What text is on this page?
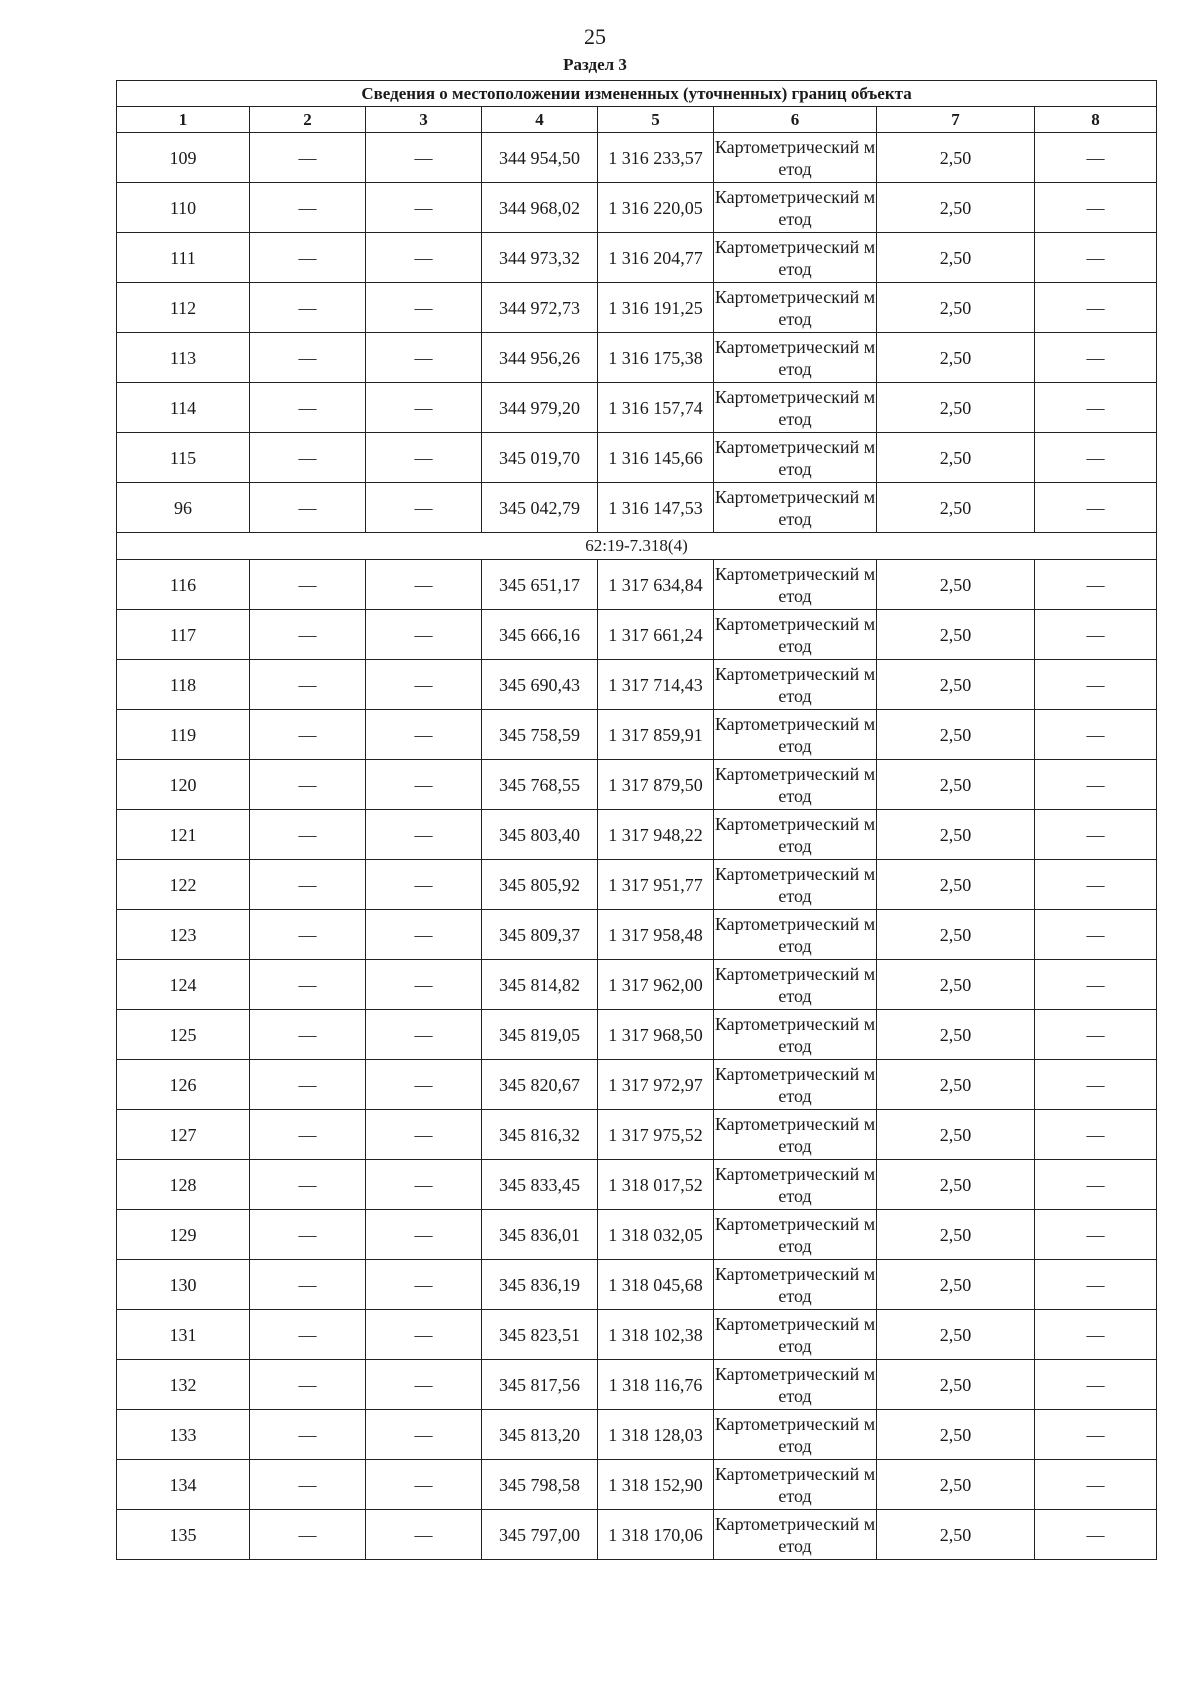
25
Раздел 3
Сведения о местоположении измененных (уточненных) границ объекта							
1	2	3	4	5	6	7	8
109	—	—	344 954,50	1 316 233,57	Картометрический метод	2,50	—
110	—	—	344 968,02	1 316 220,05	Картометрический метод	2,50	—
111	—	—	344 973,32	1 316 204,77	Картометрический метод	2,50	—
112	—	—	344 972,73	1 316 191,25	Картометрический метод	2,50	—
113	—	—	344 956,26	1 316 175,38	Картометрический метод	2,50	—
114	—	—	344 979,20	1 316 157,74	Картометрический метод	2,50	—
115	—	—	345 019,70	1 316 145,66	Картометрический метод	2,50	—
96	—	—	345 042,79	1 316 147,53	Картометрический метод	2,50	—
62:19-7.318(4)							
116	—	—	345 651,17	1 317 634,84	Картометрический метод	2,50	—
117	—	—	345 666,16	1 317 661,24	Картометрический метод	2,50	—
118	—	—	345 690,43	1 317 714,43	Картометрический метод	2,50	—
119	—	—	345 758,59	1 317 859,91	Картометрический метод	2,50	—
120	—	—	345 768,55	1 317 879,50	Картометрический метод	2,50	—
121	—	—	345 803,40	1 317 948,22	Картометрический метод	2,50	—
122	—	—	345 805,92	1 317 951,77	Картометрический метод	2,50	—
123	—	—	345 809,37	1 317 958,48	Картометрический метод	2,50	—
124	—	—	345 814,82	1 317 962,00	Картометрический метод	2,50	—
125	—	—	345 819,05	1 317 968,50	Картометрический метод	2,50	—
126	—	—	345 820,67	1 317 972,97	Картометрический метод	2,50	—
127	—	—	345 816,32	1 317 975,52	Картометрический метод	2,50	—
128	—	—	345 833,45	1 318 017,52	Картометрический метод	2,50	—
129	—	—	345 836,01	1 318 032,05	Картометрический метод	2,50	—
130	—	—	345 836,19	1 318 045,68	Картометрический метод	2,50	—
131	—	—	345 823,51	1 318 102,38	Картометрический метод	2,50	—
132	—	—	345 817,56	1 318 116,76	Картометрический метод	2,50	—
133	—	—	345 813,20	1 318 128,03	Картометрический метод	2,50	—
134	—	—	345 798,58	1 318 152,90	Картометрический метод	2,50	—
135	—	—	345 797,00	1 318 170,06	Картометрический метод	2,50	—
